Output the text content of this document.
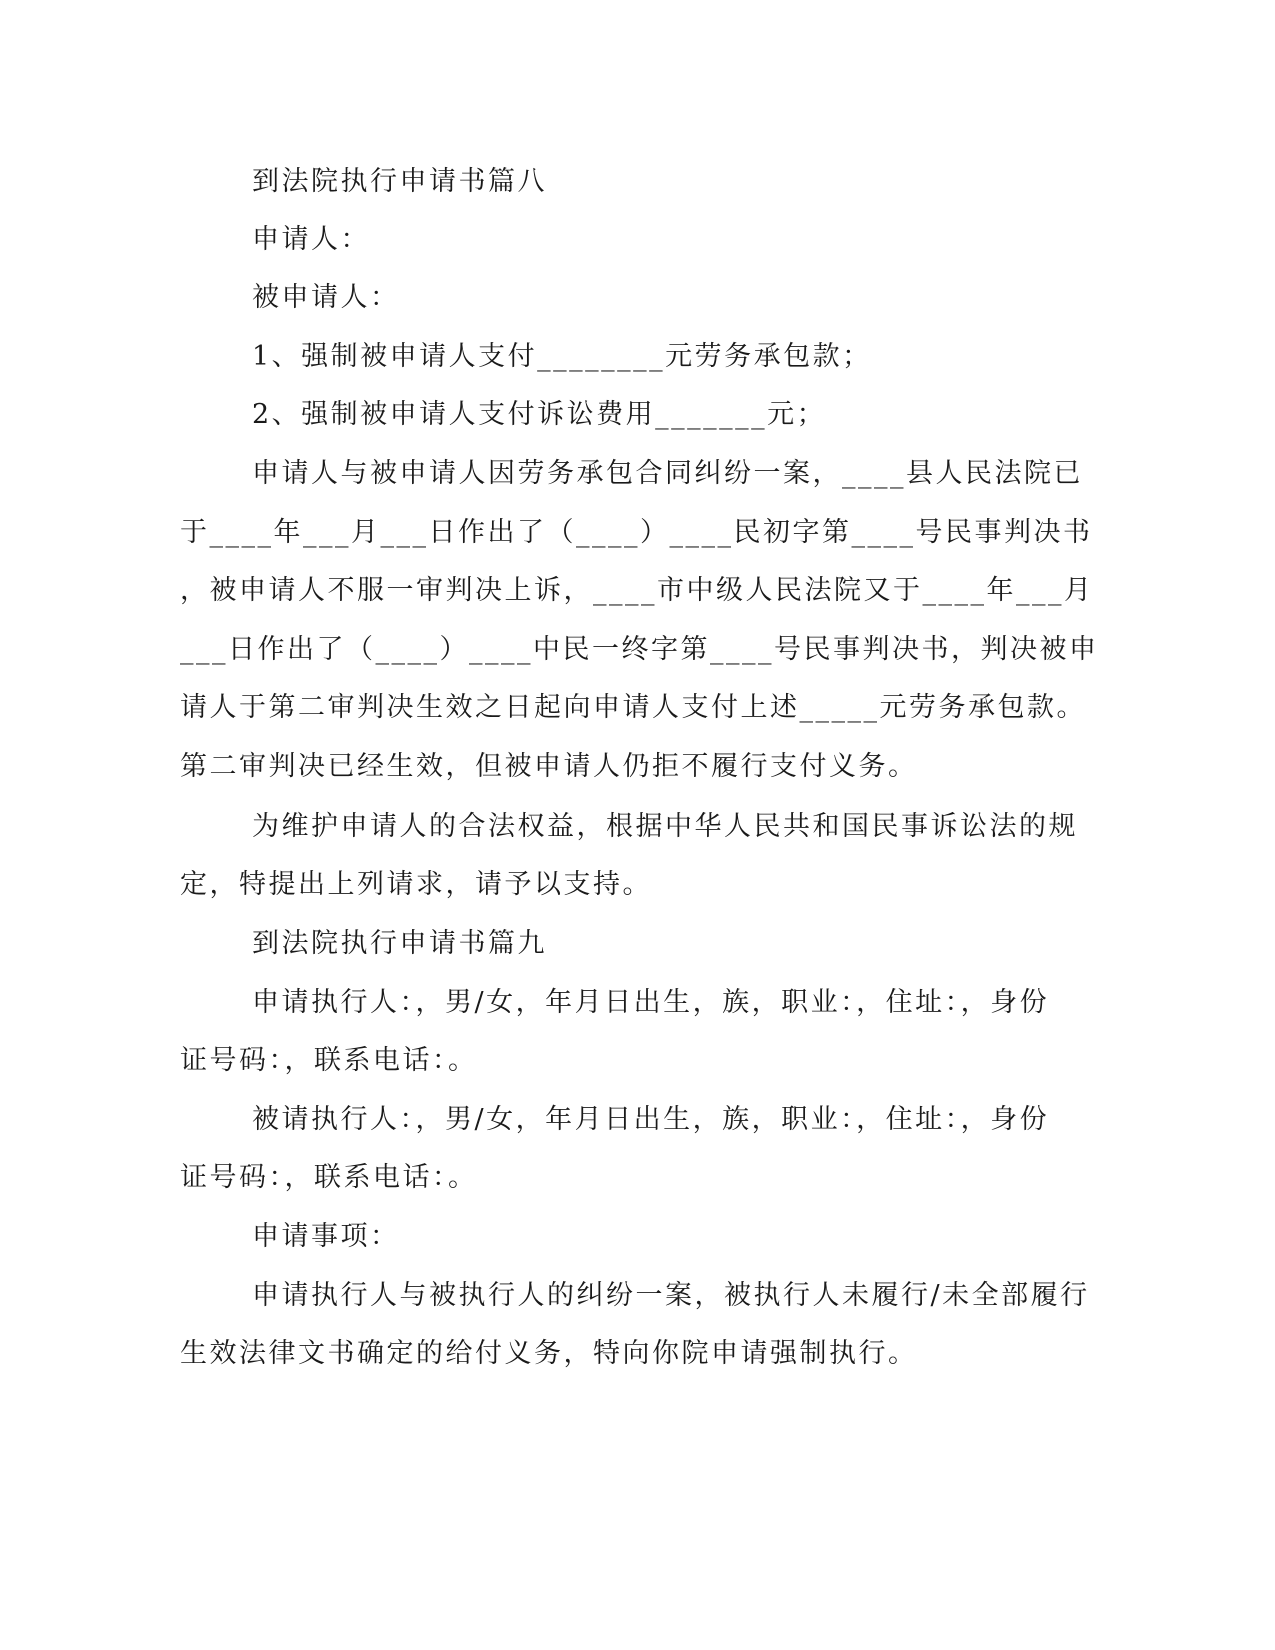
到法院执行申请书篇八

申请人：

被申请人：

1、强制被申请人支付________元劳务承包款；

2、强制被申请人支付诉讼费用_______元；

申请人与被申请人因劳务承包合同纠纷一案，____县人民法院已

于____年___月___日作出了（____）____民初字第____号民事判决书

，被申请人不服一审判决上诉，____市中级人民法院又于____年___月

___日作出了（____）____中民一终字第____号民事判决书，判决被申

请人于第二审判决生效之日起向申请人支付上述_____元劳务承包款。

第二审判决已经生效，但被申请人仍拒不履行支付义务。

为维护申请人的合法权益，根据中华人民共和国民事诉讼法的规

定，特提出上列请求，请予以支持。

到法院执行申请书篇九

申请执行人：，男/女，年月日出生，族，职业：，住址：，身份

证号码：，联系电话：。

被请执行人：，男/女，年月日出生，族，职业：，住址：，身份

证号码：，联系电话：。

申请事项：

申请执行人与被执行人的纠纷一案，被执行人未履行/未全部履行

生效法律文书确定的给付义务，特向你院申请强制执行。
